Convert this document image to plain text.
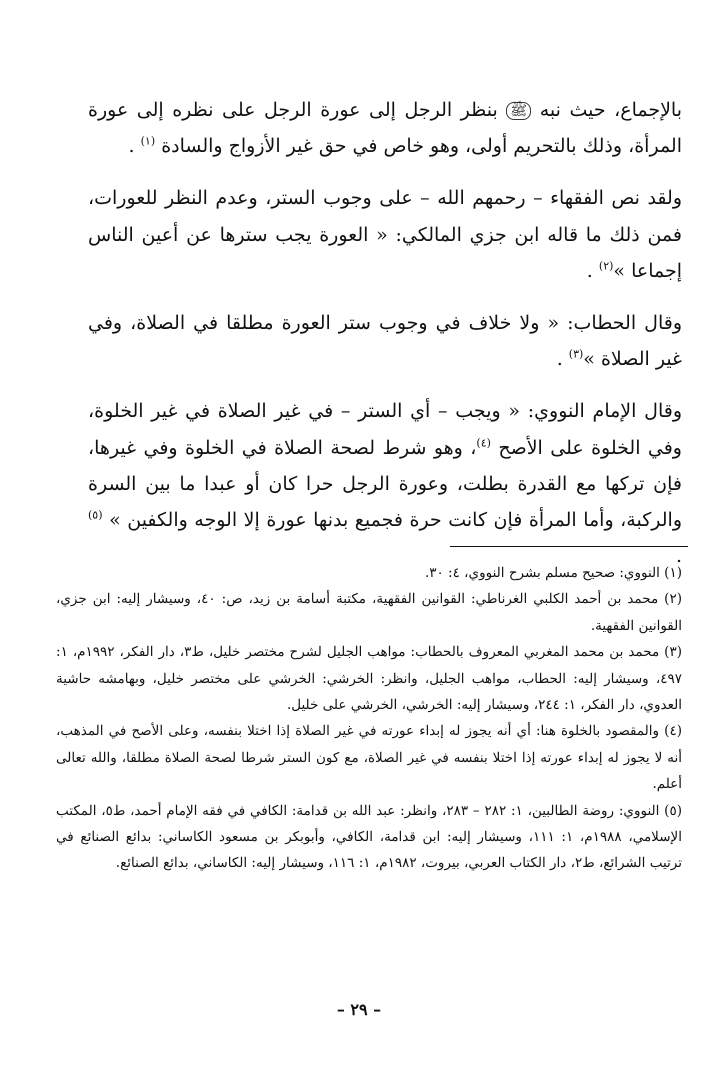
بالإجماع، حيث نبه ﷺ بنظر الرجل إلى عورة الرجل على نظره إلى عورة المرأة، وذلك بالتحريم أولى، وهو خاص في حق غير الأزواج والسادة $^{(١)}$ .

ولقد نص الفقهاء – رحمهم الله – على وجوب الستر، وعدم النظر للعورات، فمن ذلك ما قاله ابن جزي المالكي: « العورة يجب سترها عن أعين الناس إجماعا »$^{(٢)}$ .

وقال الحطاب: « ولا خلاف في وجوب ستر العورة مطلقا في الصلاة، وفي غير الصلاة »$^{(٣)}$ .

وقال الإمام النووي: « ويجب – أي الستر – في غير الصلاة في غير الخلوة، وفي الخلوة على الأصح $^{(٤)}$، وهو شرط لصحة الصلاة في الخلوة وفي غيرها، فإن تركها مع القدرة بطلت، وعورة الرجل حرا كان أو عبدا ما بين السرة والركبة، وأما المرأة فإن كانت حرة فجميع بدنها عورة إلا الوجه والكفين » $^{(٥)}$ .

(١) النووي: صحيح مسلم بشرح النووي، ٤: ٣٠.

(٢) محمد بن أحمد الكلبي الغرناطي: القوانين الفقهية، مكتبة أسامة بن زيد، ص: ٤٠، وسيشار إليه: ابن جزي، القوانين الفقهية.

(٣) محمد بن محمد المغربي المعروف بالحطاب: مواهب الجليل لشرح مختصر خليل، ط٣، دار الفكر، ١٩٩٢م، ١: ٤٩٧، وسيشار إليه: الحطاب، مواهب الجليل، وانظر: الخرشي: الخرشي على مختصر خليل، وبهامشه حاشية العدوي، دار الفكر، ١: ٢٤٤، وسيشار إليه: الخرشي، الخرشي على خليل.

(٤) والمقصود بالخلوة هنا: أي أنه يجوز له إبداء عورته في غير الصلاة إذا اختلا بنفسه، وعلى الأصح في المذهب، أنه لا يجوز له إبداء عورته إذا اختلا بنفسه في غير الصلاة، مع كون الستر شرطا لصحة الصلاة مطلقا، والله تعالى أعلم.

(٥) النووي: روضة الطالبين، ١: ٢٨٢ – ٢٨٣، وانظر: عبد الله بن قدامة: الكافي في فقه الإمام أحمد، ط٥، المكتب الإسلامي، ١٩٨٨م، ١: ١١١، وسيشار إليه: ابن قدامة، الكافي، وأبوبكر بن مسعود الكاساني: بدائع الصنائع في ترتيب الشرائع، ط٢، دار الكتاب العربي، بيروت، ١٩٨٢م، ١: ١١٦، وسيشار إليه: الكاساني، بدائع الصنائع.

– ٢٩ –
